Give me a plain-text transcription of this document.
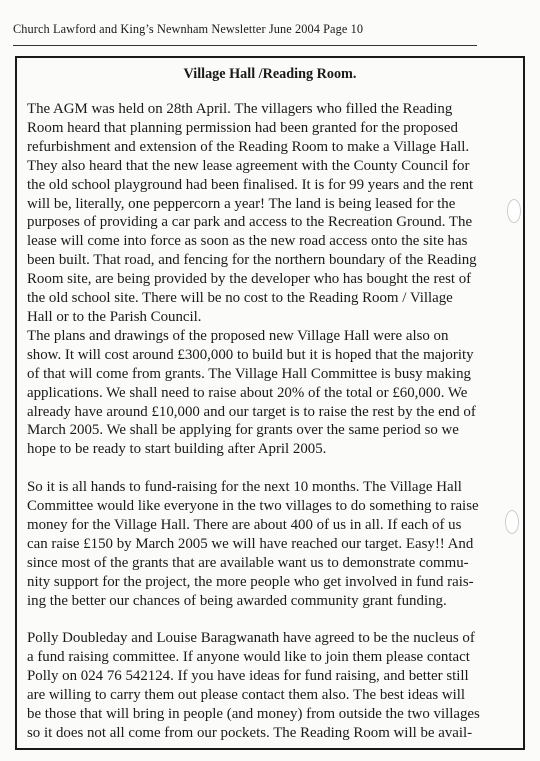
Church Lawford and King’s Newnham Newsletter June 2004 Page 10
Village Hall /Reading Room.

The AGM was held on 28th April. The villagers who filled the Reading
Room heard that planning permission had been granted for the proposed
refurbishment and extension of the Reading Room to make a Village Hall.
They also heard that the new lease agreement with the County Council for
the old school playground had been finalised. It is for 99 years and the rent
will be, literally, one peppercorn a year! The land is being leased for the
purposes of providing a car park and access to the Recreation Ground. The
lease will come into force as soon as the new road access onto the site has
been built. That road, and fencing for the northern boundary of the Reading
Room site, are being provided by the developer who has bought the rest of
the old school site. There will be no cost to the Reading Room / Village
Hall or to the Parish Council.
The plans and drawings of the proposed new Village Hall were also on
show. It will cost around £300,000 to build but it is hoped that the majority
of that will come from grants. The Village Hall Committee is busy making
applications. We shall need to raise about 20% of the total or £60,000. We
already have around £10,000 and our target is to raise the rest by the end of
March 2005. We shall be applying for grants over the same period so we
hope to be ready to start building after April 2005.

So it is all hands to fund-raising for the next 10 months. The Village Hall
Committee would like everyone in the two villages to do something to raise
money for the Village Hall. There are about 400 of us in all. If each of us
can raise £150 by March 2005 we will have reached our target. Easy!! And
since most of the grants that are available want us to demonstrate commu-
nity support for the project, the more people who get involved in fund rais-
ing the better our chances of being awarded community grant funding.

Polly Doubleday and Louise Baragwanath have agreed to be the nucleus of
a fund raising committee. If anyone would like to join them please contact
Polly on 024 76 542124. If you have ideas for fund raising, and better still
are willing to carry them out please contact them also. The best ideas will
be those that will bring in people (and money) from outside the two villages
so it does not all come from our pockets. The Reading Room will be avail-
